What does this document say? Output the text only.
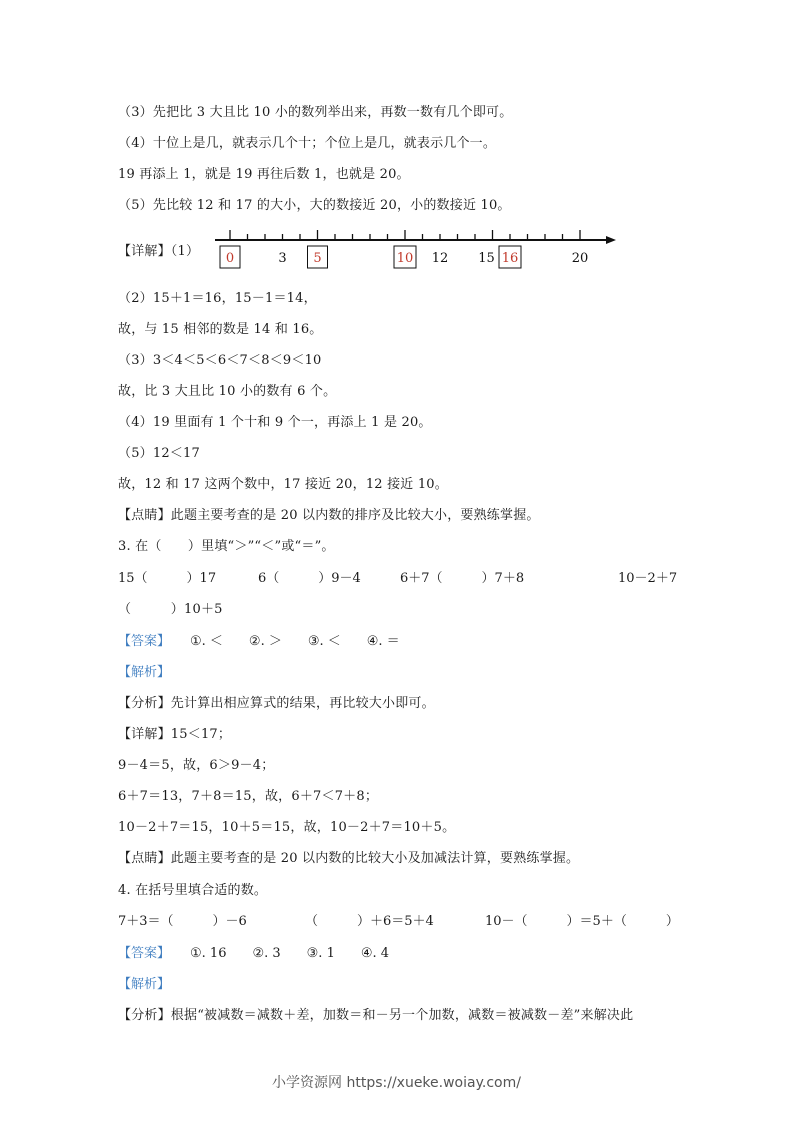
（3）先把比 3 大且比 10 小的数列举出来，再数一数有几个即可。
（4）十位上是几，就表示几个十；个位上是几，就表示几个一。
19 再添上 1，就是 19 再往后数 1，也就是 20。
（5）先比较 12 和 17 的大小，大的数接近 20，小的数接近 10。
【详解】（1） 0	5	10	16
3	12 15	20
（2）15＋1＝16，15－1＝14，
故，与 15 相邻的数是 14 和 16。
（3）3＜4＜5＜6＜7＜8＜9＜10
故，比 3 大且比 10 小的数有 6 个。
（4）19 里面有 1 个十和 9 个一，再添上 1 是 20。
（5）12＜17
故，12 和 17 这两个数中，17 接近 20，12 接近 10。
【点睛】此题主要考查的是 20 以内数的排序及比较大小，要熟练掌握。
3. 在（　　）里填“＞”“＜”或“＝”。
15（　　　）17	6（　　　）9－4	6＋7（　　　）7＋8	10－2＋7
（　　　）10＋5
【答案】 ①. ＜　　②. ＞　　③. ＜　　④. ＝
【解析】
【分析】先计算出相应算式的结果，再比较大小即可。
【详解】15＜17；
9－4＝5，故，6＞9－4；
6＋7＝13，7＋8＝15，故，6＋7＜7＋8；
10－2＋7＝15，10＋5＝15，故，10－2＋7＝10＋5。
【点睛】此题主要考查的是 20 以内数的比较大小及加减法计算，要熟练掌握。
4. 在括号里填合适的数。
7＋3＝（　　　）－6	（　　　）＋6＝5＋4	10－（　　　）＝5＋（　　　）
【答案】 ①. 16　　②. 3　　③. 1　　④. 4
【解析】
【分析】根据“被减数＝减数＋差，加数＝和－另一个加数，减数＝被减数－差”来解决此
小学资源网 https://xueke.woiay.com/
